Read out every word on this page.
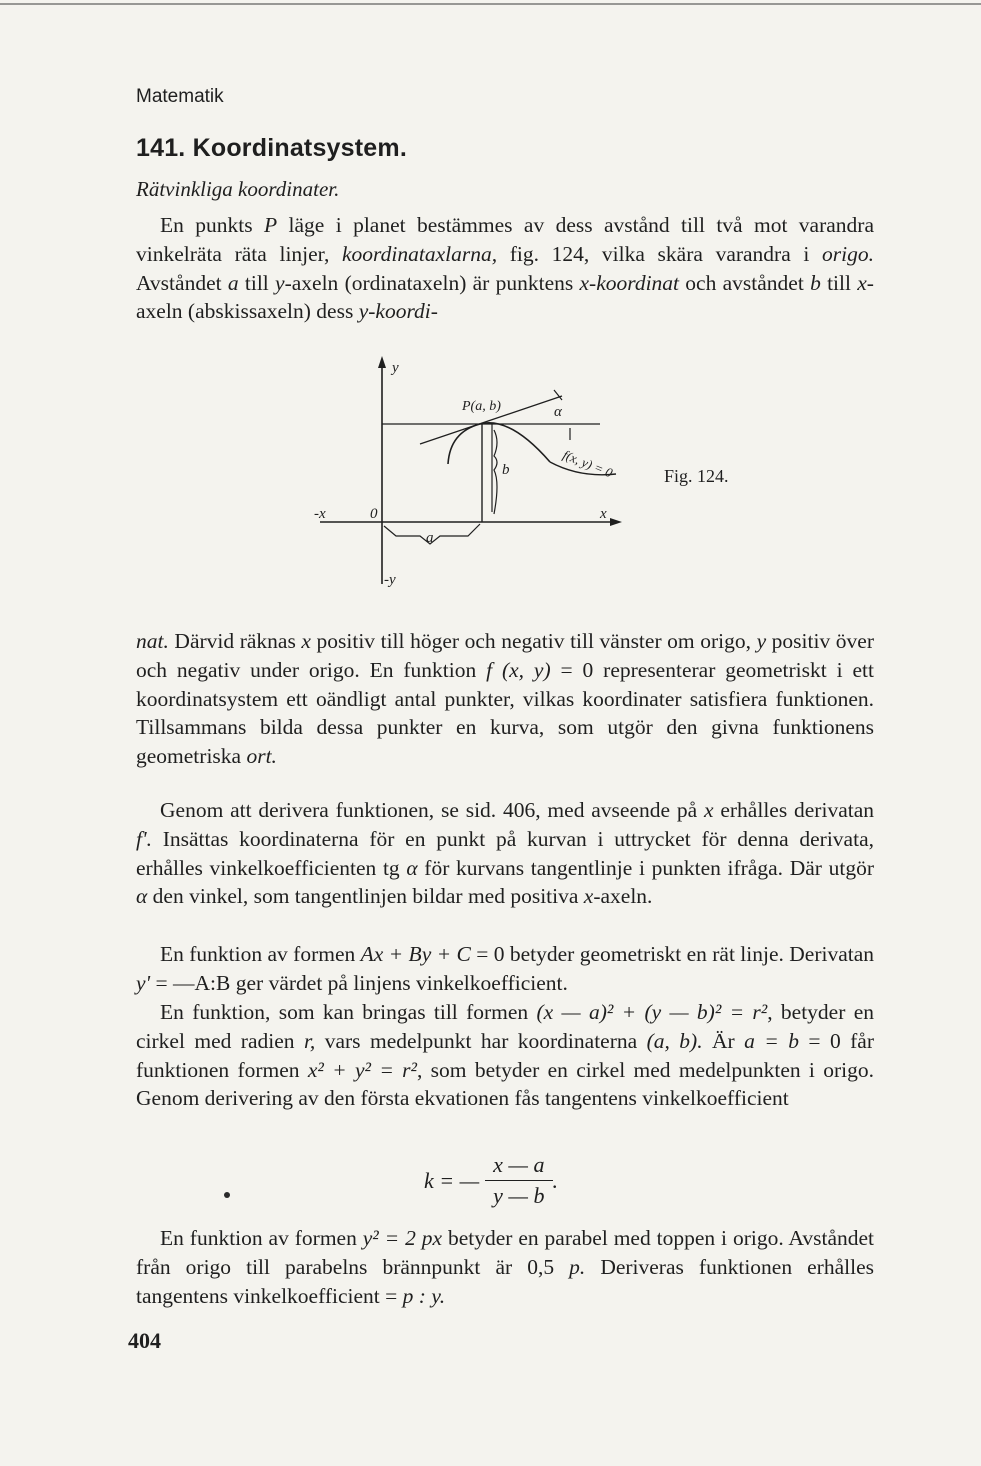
Matematik
141. Koordinatsystem.
Rätvinkliga koordinater.

En punkts P läge i planet bestämmes av dess avstånd till två mot varandra vinkelräta räta linjer, koordinataxlarna, fig. 124, vilka skära varandra i origo. Avståndet a till y-axeln (ordinataxeln) är punktens x-koordinat och avståndet b till x-axeln (abskissaxeln) dess y-koordi-

y
-y
-x	x
0
P(a, b)	α
b
a
f(x, y) = 0	Fig. 124.

nat. Därvid räknas x positiv till höger och negativ till vänster om origo, y positiv över och negativ under origo. En funktion f (x, y) = 0 representerar geometriskt i ett koordinatsystem ett oändligt antal punkter, vilkas koordinater satisfiera funktionen. Tillsammans bilda dessa punkter en kurva, som utgör den givna funktionens geometriska ort.

Genom att derivera funktionen, se sid. 406, med avseende på x erhålles derivatan f'. Insättas koordinaterna för en punkt på kurvan i uttrycket för denna derivata, erhålles vinkelkoefficienten tg α för kurvans tangentlinje i punkten ifråga. Där utgör α den vinkel, som tangentlinjen bildar med positiva x-axeln.

En funktion av formen Ax + By + C = 0 betyder geometriskt en rät linje. Derivatan y' = —A:B ger värdet på linjens vinkelkoefficient.

En funktion, som kan bringas till formen (x — a)² + (y — b)² = r², betyder en cirkel med radien r, vars medelpunkt har koordinaterna (a, b). Är a = b = 0 får funktionen formen x² + y² = r², som betyder en cirkel med medelpunkten i origo. Genom derivering av den första ekvationen fås tangentens vinkelkoefficient

k = — $\frac{x — a}{y — b}$ .

En funktion av formen y² = 2 px betyder en parabel med toppen i origo. Avståndet från origo till parabelns brännpunkt är 0,5 p. Deriveras funktionen erhålles tangentens vinkelkoefficient = p : y.

404
